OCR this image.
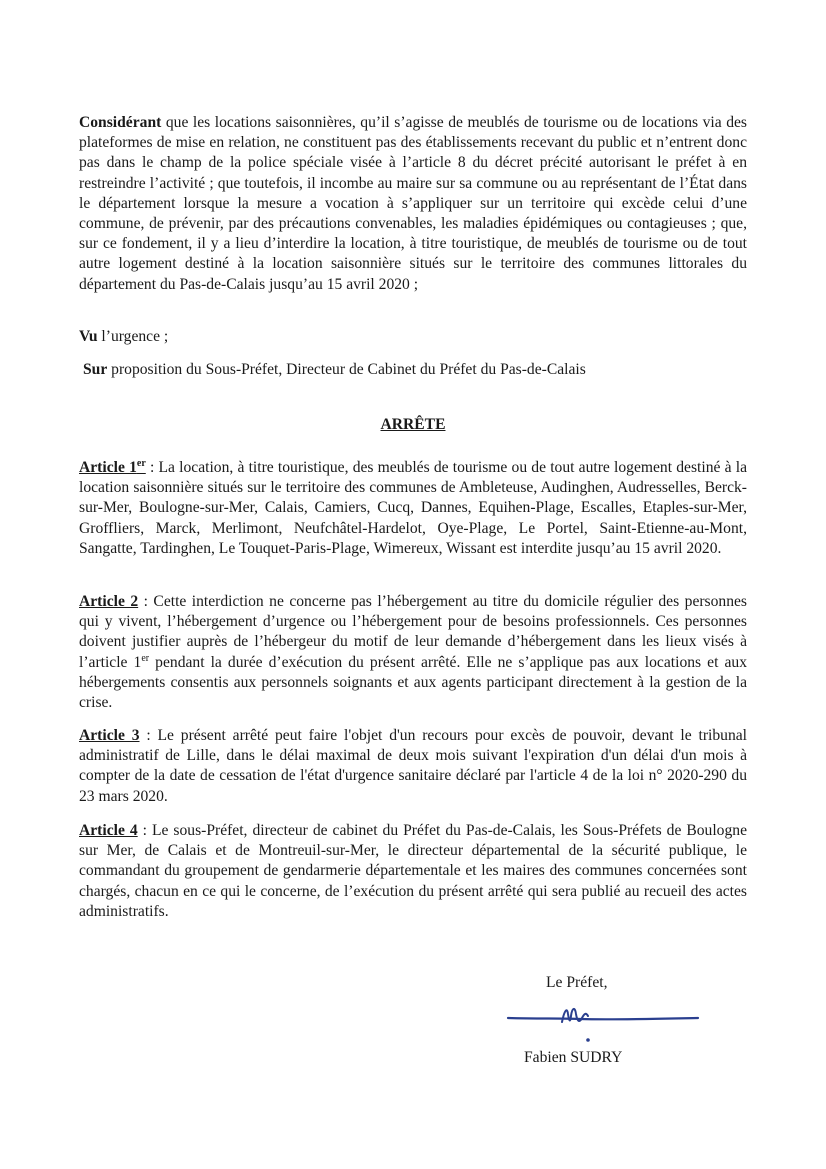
Considérant que les locations saisonnières, qu’il s’agisse de meublés de tourisme ou de locations via des plateformes de mise en relation, ne constituent pas des établissements recevant du public et n’entrent donc pas dans le champ de la police spéciale visée à l’article 8 du décret précité autorisant le préfet à en restreindre l’activité ; que toutefois, il incombe au maire sur sa commune ou au représentant de l’État dans le département lorsque la mesure a vocation à s’appliquer sur un territoire qui excède celui d’une commune, de prévenir, par des précautions convenables, les maladies épidémiques ou contagieuses ; que, sur ce fondement, il y a lieu d’interdire la location, à titre touristique, de meublés de tourisme ou de tout autre logement destiné à la location saisonnière situés sur le territoire des communes littorales du département du Pas-de-Calais jusqu’au 15 avril 2020 ;

Vu l’urgence ;

Sur proposition du Sous-Préfet, Directeur de Cabinet du Préfet du Pas-de-Calais

ARRÊTE

Article 1er : La location, à titre touristique, des meublés de tourisme ou de tout autre logement destiné à la location saisonnière situés sur le territoire des communes de Ambleteuse, Audinghen, Audresselles, Berck-sur-Mer, Boulogne-sur-Mer, Calais, Camiers, Cucq, Dannes, Equihen-Plage, Escalles, Etaples-sur-Mer, Groffliers, Marck, Merlimont, Neufchâtel-Hardelot, Oye-Plage, Le Portel, Saint-Etienne-au-Mont, Sangatte, Tardinghen, Le Touquet-Paris-Plage, Wimereux, Wissant est interdite jusqu’au 15 avril 2020.

Article 2 : Cette interdiction ne concerne pas l’hébergement au titre du domicile régulier des personnes qui y vivent, l’hébergement d’urgence ou l’hébergement pour de besoins professionnels. Ces personnes doivent justifier auprès de l’hébergeur du motif de leur demande d’hébergement dans les lieux visés à l’article 1er pendant la durée d’exécution du présent arrêté. Elle ne s’applique pas aux locations et aux hébergements consentis aux personnels soignants et aux agents participant directement à la gestion de la crise.

Article 3 : Le présent arrêté peut faire l'objet d'un recours pour excès de pouvoir, devant le tribunal administratif de Lille, dans le délai maximal de deux mois suivant l'expiration d'un délai d'un mois à compter de la date de cessation de l'état d'urgence sanitaire déclaré par l'article 4 de la loi n° 2020-290 du 23 mars 2020.

Article 4 : Le sous-Préfet, directeur de cabinet du Préfet du Pas-de-Calais, les Sous-Préfets de Boulogne sur Mer, de Calais et de Montreuil-sur-Mer, le directeur départemental de la sécurité publique, le commandant du groupement de gendarmerie départementale et les maires des communes concernées sont chargés, chacun en ce qui le concerne, de l’exécution du présent arrêté qui sera publié au recueil des actes administratifs.

Le Préfet,
Fabien SUDRY
